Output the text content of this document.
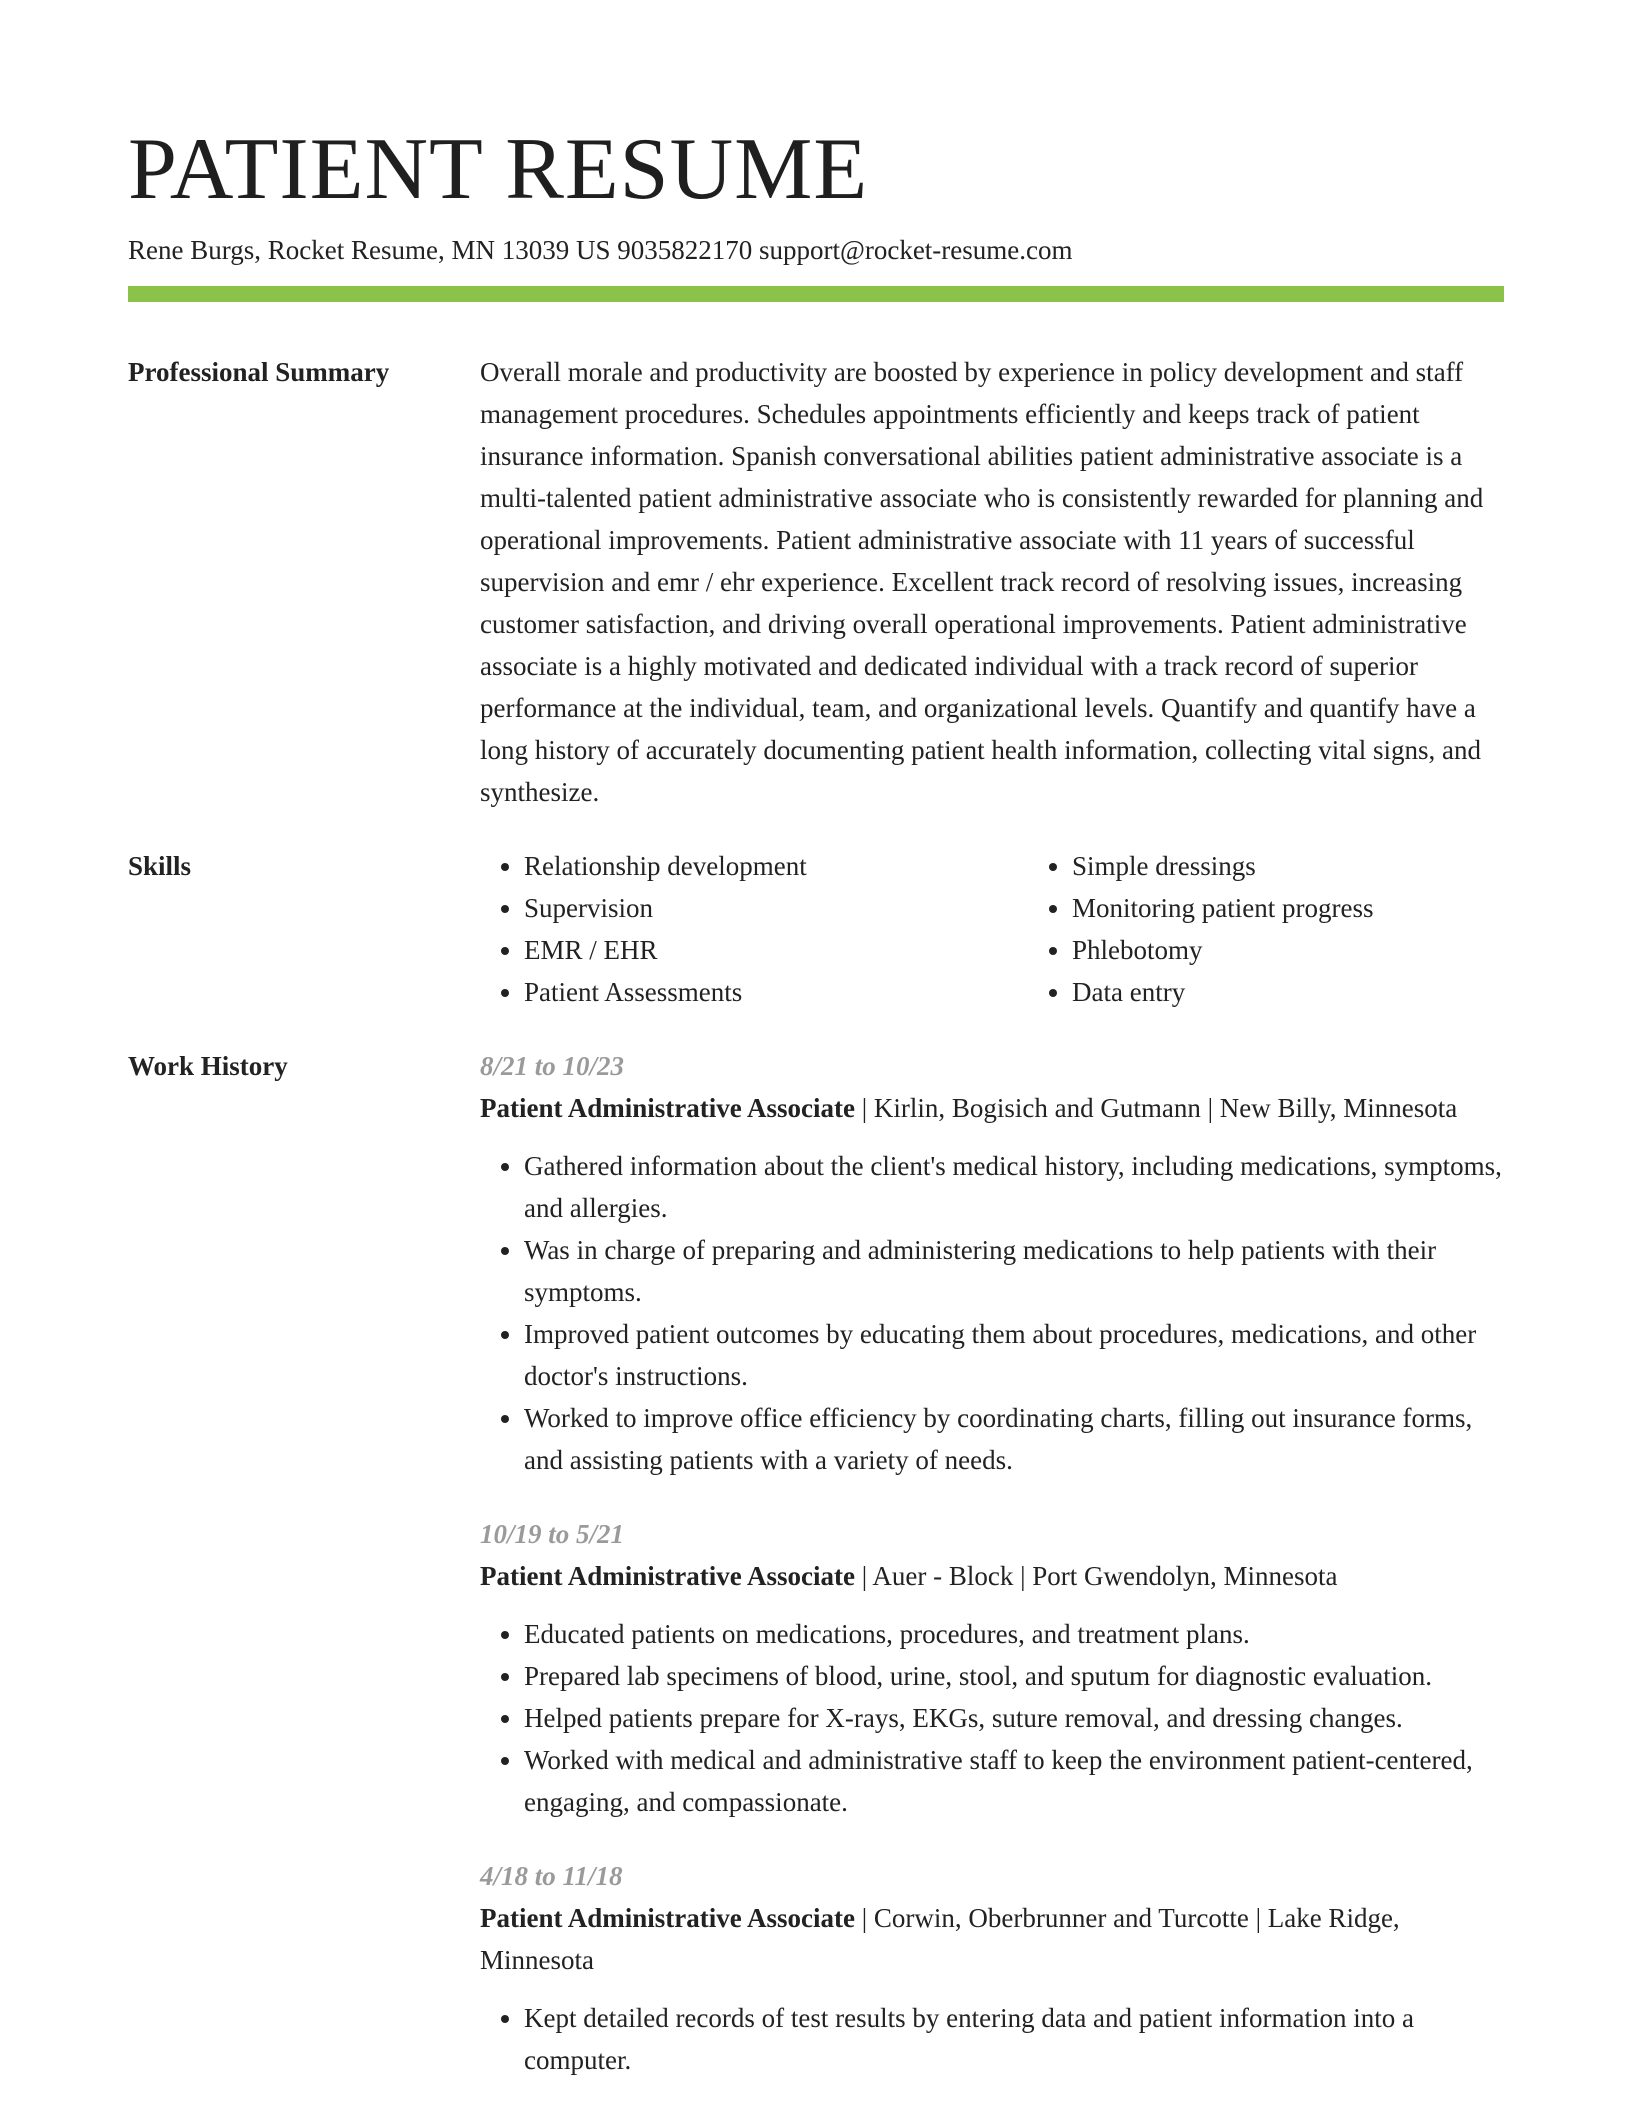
PATIENT RESUME
Rene Burgs, Rocket Resume, MN 13039 US 9035822170 support@rocket-resume.com
Professional Summary	Overall morale and productivity are boosted by experience in policy development and staff management procedures. Schedules appointments efficiently and keeps track of patient insurance information. Spanish conversational abilities patient administrative associate is a multi-talented patient administrative associate who is consistently rewarded for planning and operational improvements. Patient administrative associate with 11 years of successful supervision and emr / ehr experience. Excellent track record of resolving issues, increasing customer satisfaction, and driving overall operational improvements. Patient administrative associate is a highly motivated and dedicated individual with a track record of superior performance at the individual, team, and organizational levels. Quantify and quantify have a long history of accurately documenting patient health information, collecting vital signs, and synthesize.

Skills
•	Relationship development
• Supervision
• EMR / EHR
• Patient Assessments
• Simple dressings
• Monitoring patient progress
• Phlebotomy
• Data entry
Work History	8/21 to 10/23
Patient Administrative Associate | Kirlin, Bogisich and Gutmann | New Billy, Minnesota
• Gathered information about the client's medical history, including medications, symptoms, and allergies.
• Was in charge of preparing and administering medications to help patients with their symptoms.
• Improved patient outcomes by educating them about procedures, medications, and other doctor's instructions.
• Worked to improve office efficiency by coordinating charts, filling out insurance forms, and assisting patients with a variety of needs.
10/19 to 5/21
Patient Administrative Associate | Auer - Block | Port Gwendolyn, Minnesota
• Educated patients on medications, procedures, and treatment plans.
• Prepared lab specimens of blood, urine, stool, and sputum for diagnostic evaluation.
• Helped patients prepare for X-rays, EKGs, suture removal, and dressing changes.
• Worked with medical and administrative staff to keep the environment patient-centered, engaging, and compassionate.
4/18 to 11/18
Patient Administrative Associate | Corwin, Oberbrunner and Turcotte | Lake Ridge, Minnesota
• Kept detailed records of test results by entering data and patient information into a computer.
